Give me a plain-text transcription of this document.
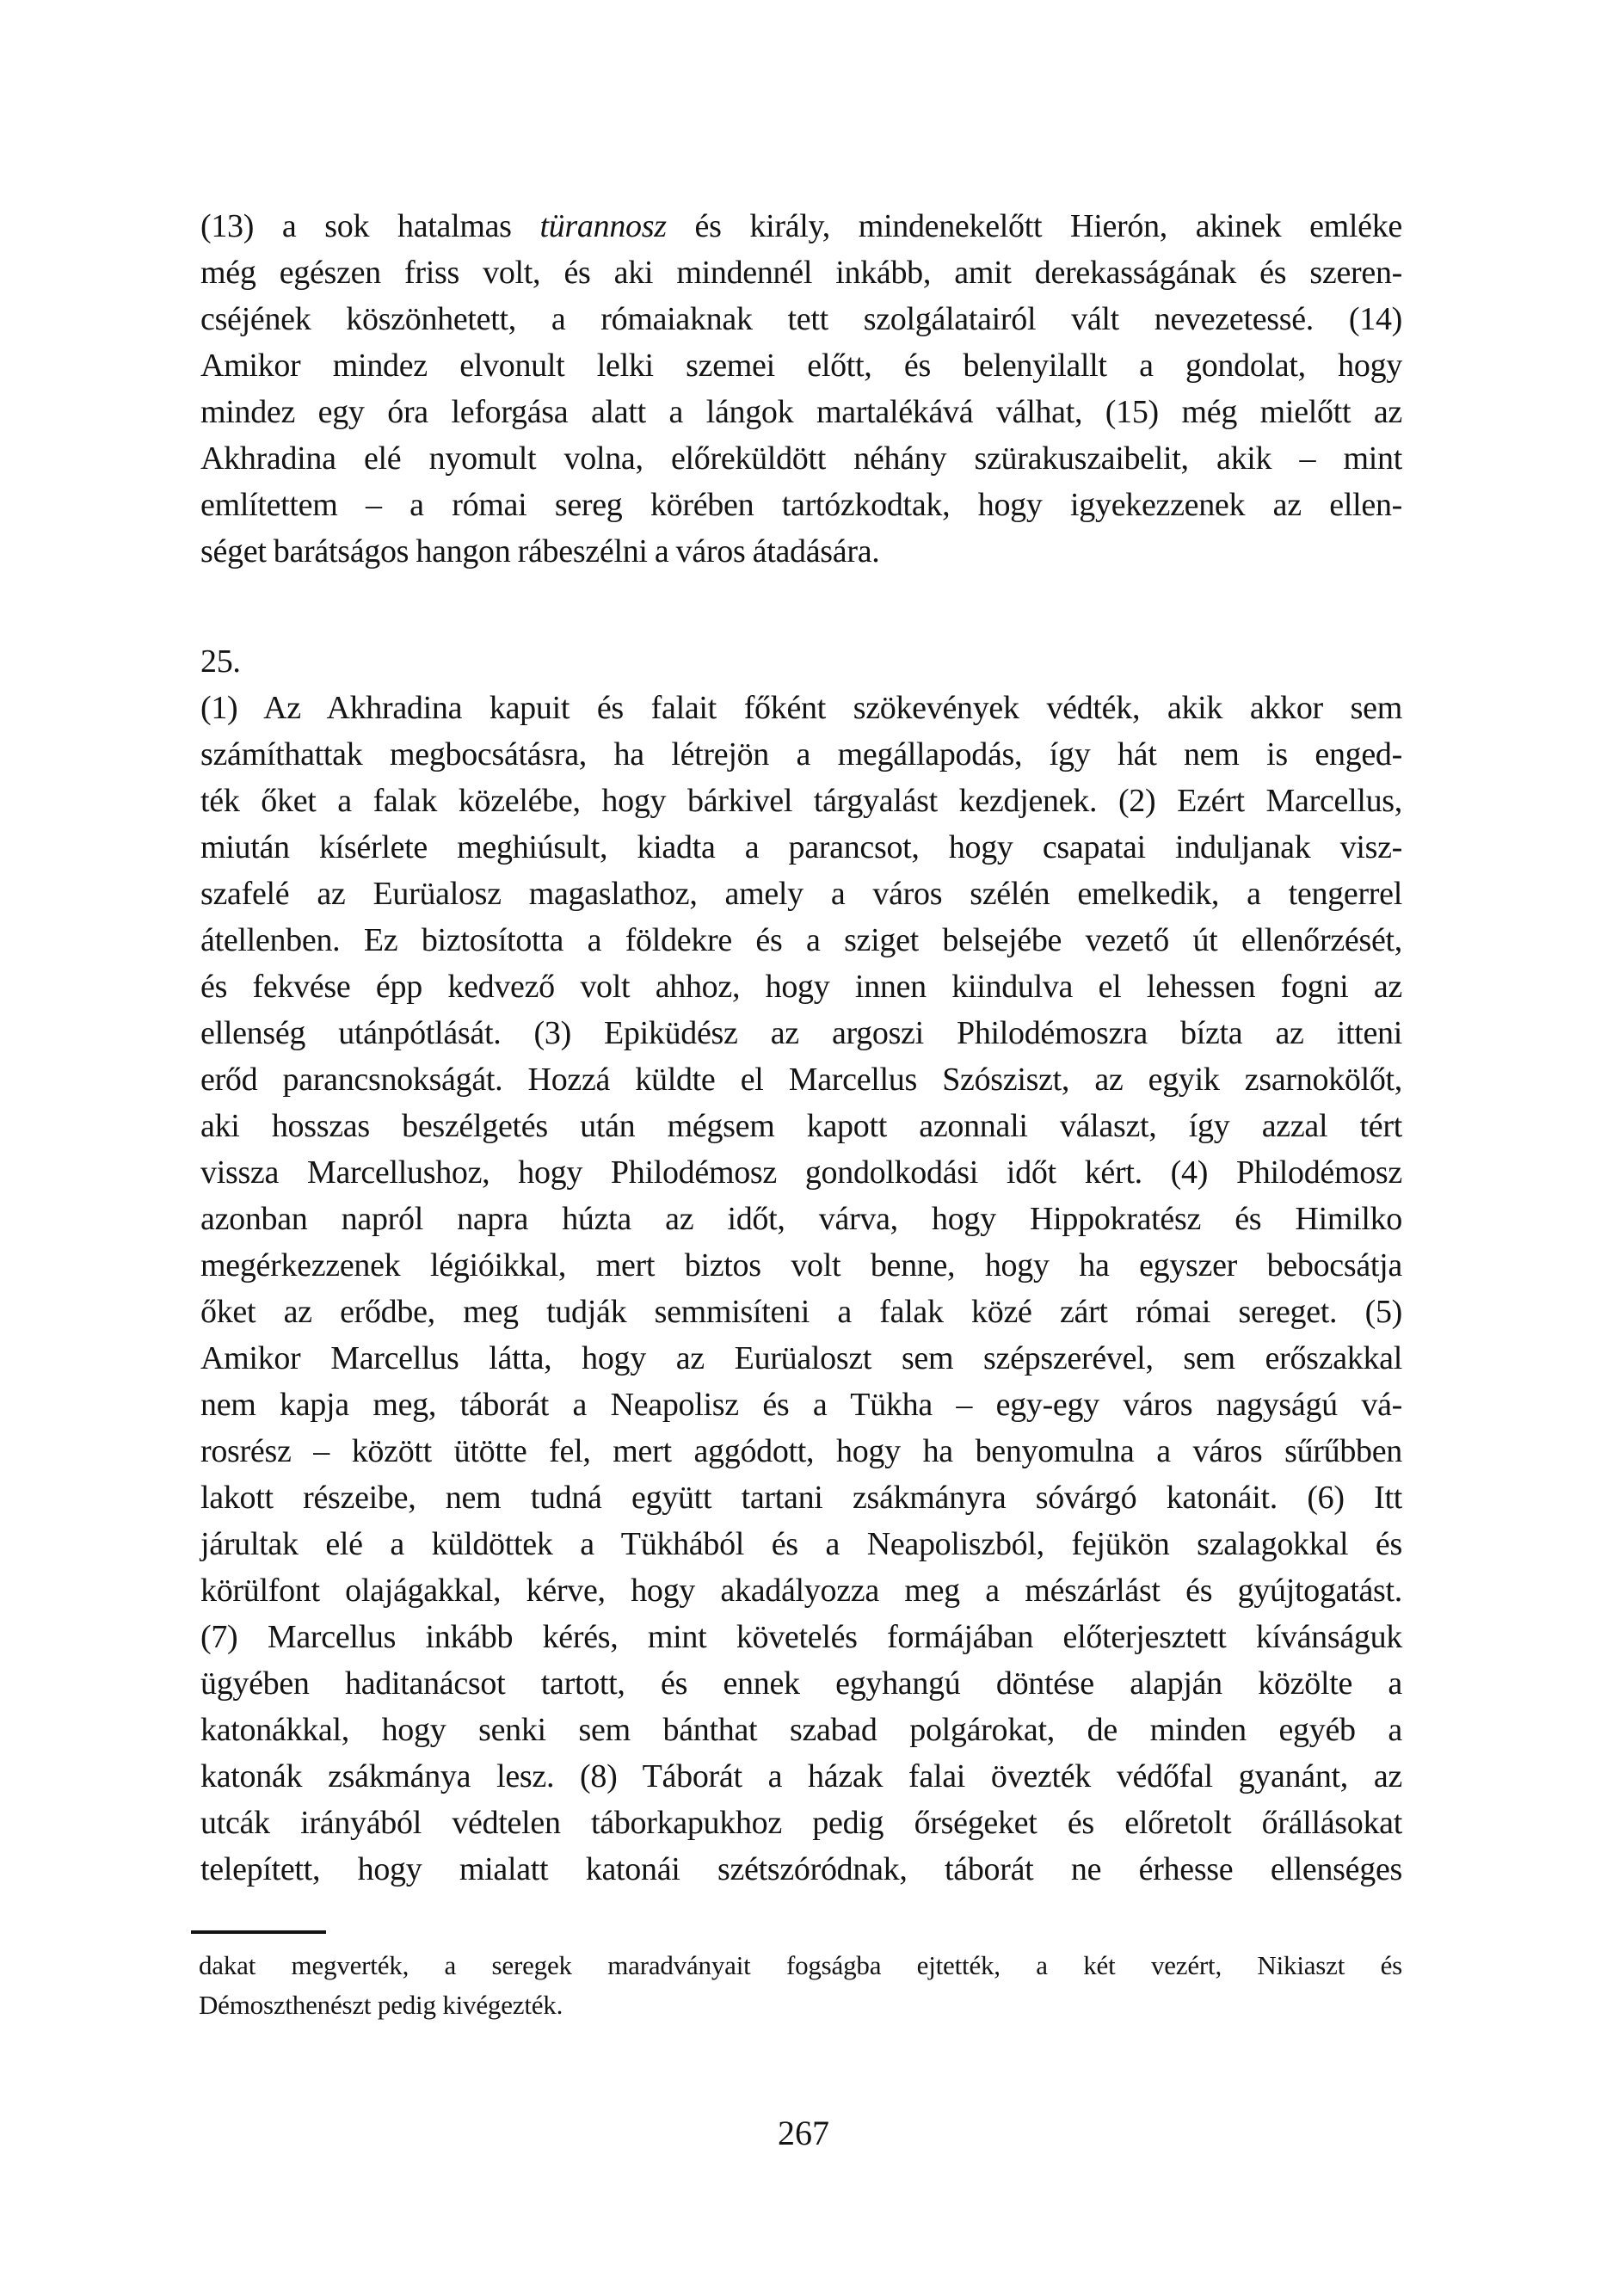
(13) a sok hatalmas türannosz és király, mindenekelőtt Hierón, akinek emléke
még egészen friss volt, és aki mindennél inkább, amit derekasságának és szeren-
cséjének köszönhetett, a rómaiaknak tett szolgálatairól vált nevezetessé. (14)
Amikor mindez elvonult lelki szemei előtt, és belenyilallt a gondolat, hogy
mindez egy óra leforgása alatt a lángok martalékává válhat, (15) még mielőtt az
Akhradina elé nyomult volna, előreküldött néhány szürakuszaibelit, akik – mint
említettem – a római sereg körében tartózkodtak, hogy igyekezzenek az ellen-
séget barátságos hangon rábeszélni a város átadására.
25.
(1) Az Akhradina kapuit és falait főként szökevények védték, akik akkor sem
számíthattak megbocsátásra, ha létrejön a megállapodás, így hát nem is enged-
ték őket a falak közelébe, hogy bárkivel tárgyalást kezdjenek. (2) Ezért Marcellus,
miután kísérlete meghiúsult, kiadta a parancsot, hogy csapatai induljanak visz-
szafelé az Eurüalosz magaslathoz, amely a város szélén emelkedik, a tengerrel
átellenben. Ez biztosította a földekre és a sziget belsejébe vezető út ellenőrzését,
és fekvése épp kedvező volt ahhoz, hogy innen kiindulva el lehessen fogni az
ellenség utánpótlását. (3) Epiküdész az argoszi Philodémoszra bízta az itteni
erőd parancsnokságát. Hozzá küldte el Marcellus Szósziszt, az egyik zsarnokölőt,
aki hosszas beszélgetés után mégsem kapott azonnali választ, így azzal tért
vissza Marcellushoz, hogy Philodémosz gondolkodási időt kért. (4) Philodémosz
azonban napról napra húzta az időt, várva, hogy Hippokratész és Himilko
megérkezzenek légióikkal, mert biztos volt benne, hogy ha egyszer bebocsátja
őket az erődbe, meg tudják semmisíteni a falak közé zárt római sereget. (5)
Amikor Marcellus látta, hogy az Eurüaloszt sem szépszerével, sem erőszakkal
nem kapja meg, táborát a Neapolisz és a Tükha – egy-egy város nagyságú vá-
rosrész – között ütötte fel, mert aggódott, hogy ha benyomulna a város sűrűbben
lakott részeibe, nem tudná együtt tartani zsákmányra sóvárgó katonáit. (6) Itt
járultak elé a küldöttek a Tükhából és a Neapoliszból, fejükön szalagokkal és
körülfont olajágakkal, kérve, hogy akadályozza meg a mészárlást és gyújtogatást.
(7) Marcellus inkább kérés, mint követelés formájában előterjesztett kívánságuk
ügyében haditanácsot tartott, és ennek egyhangú döntése alapján közölte a
katonákkal, hogy senki sem bánthat szabad polgárokat, de minden egyéb a
katonák zsákmánya lesz. (8) Táborát a házak falai övezték védőfal gyanánt, az
utcák irányából védtelen táborkapukhoz pedig őrségeket és előretolt őrállásokat
telepített, hogy mialatt katonái szétszóródnak, táborát ne érhesse ellenséges
dakat megverték, a seregek maradványait fogságba ejtették, a két vezért, Nikiaszt és
Démoszthenészt pedig kivégezték.
267
